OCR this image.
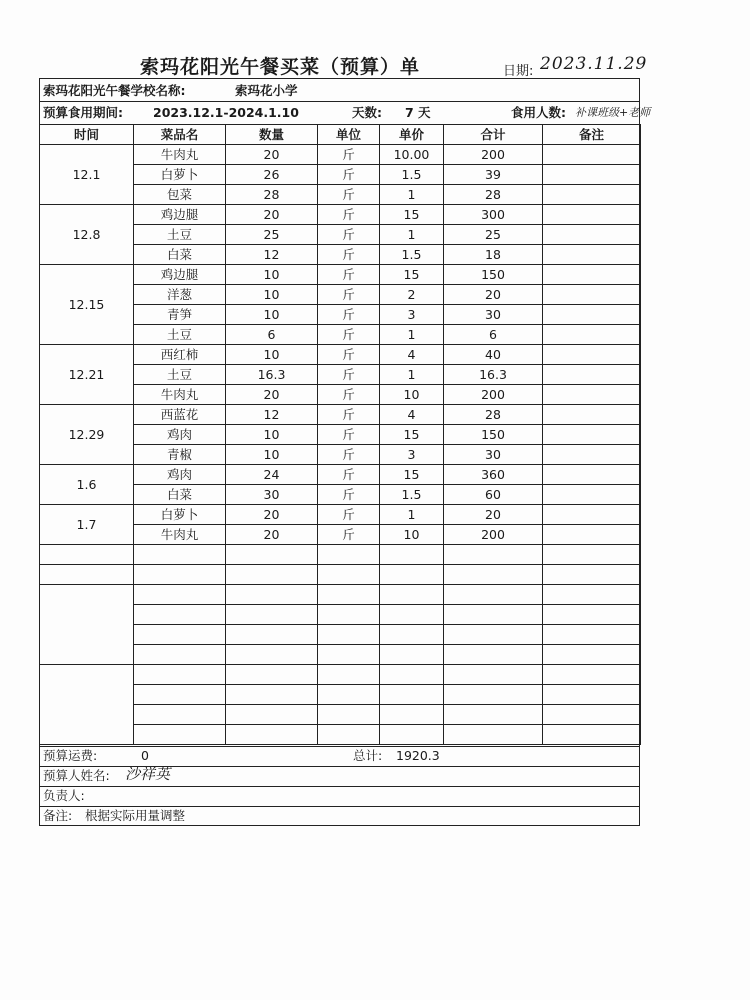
索玛花阳光午餐买菜（预算）单	日期: 2023.11.29
索玛花阳光午餐学校名称:	索玛花小学
预算食用期间: 2023.12.1-2024.1.10	天数: 7 天	食用人数: 补课班级+老师
时间	菜品名	数量	单位	单价	合计	备注
12.1	牛肉丸	20	斤	10.00	200	
	白萝卜	26	斤	1.5	39	
	包菜	28	斤	1	28	
12.8	鸡边腿	20	斤	15	300	
	土豆	25	斤	1	25	
	白菜	12	斤	1.5	18	
12.15	鸡边腿	10	斤	15	150	
	洋葱	10	斤	2	20	
	青笋	10	斤	3	30	
	土豆	6	斤	1	6	
12.21	西红柿	10	斤	4	40	
	土豆	16.3	斤	1	16.3	
	牛肉丸	20	斤	10	200	
12.29	西蓝花	12	斤	4	28	
	鸡肉	10	斤	15	150	
	青椒	10	斤	3	30	
1.6	鸡肉	24	斤	15	360	
	白菜	30	斤	1.5	60	
1.7	白萝卜	20	斤	1	20	
	牛肉丸	20	斤	10	200	

预算运费:	0	总计: 1920.3
预算人姓名: 沙祥英
负责人:
备注: 根据实际用量调整
